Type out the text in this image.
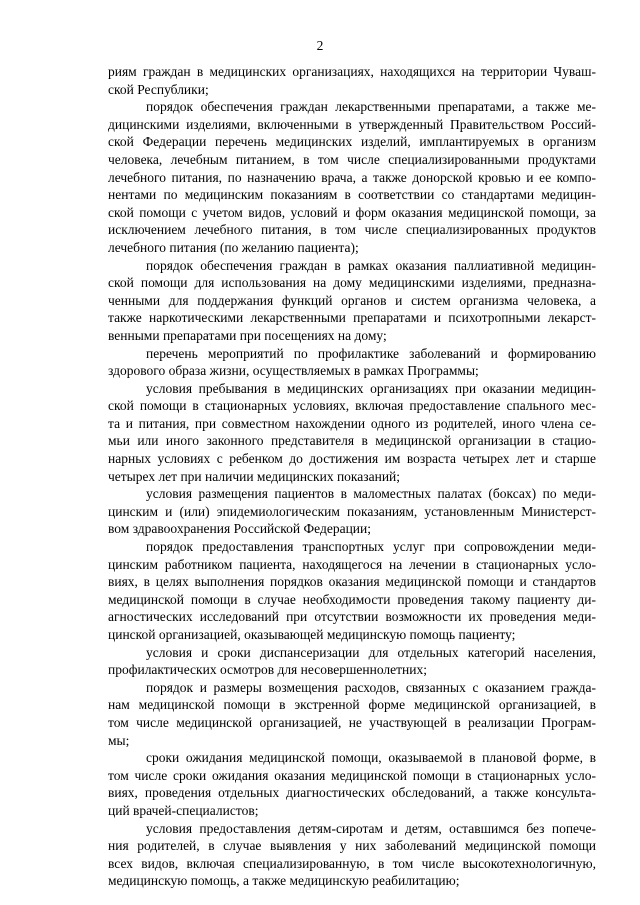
2
риям граждан в медицинских организациях, находящихся на территории Чуваш-
ской Республики;
порядок обеспечения граждан лекарственными препаратами, а также ме-
дицинскими изделиями, включенными в утвержденный Правительством Россий-
ской Федерации перечень медицинских изделий, имплантируемых в организм
человека, лечебным питанием, в том числе специализированными продуктами
лечебного питания, по назначению врача, а также донорской кровью и ее компо-
нентами по медицинским показаниям в соответствии со стандартами медицин-
ской помощи с учетом видов, условий и форм оказания медицинской помощи, за
исключением лечебного питания, в том числе специализированных продуктов
лечебного питания (по желанию пациента);
порядок обеспечения граждан в рамках оказания паллиативной медицин-
ской помощи для использования на дому медицинскими изделиями, предназна-
ченными для поддержания функций органов и систем организма человека, а
также наркотическими лекарственными препаратами и психотропными лекарст-
венными препаратами при посещениях на дому;
перечень мероприятий по профилактике заболеваний и формированию
здорового образа жизни, осуществляемых в рамках Программы;
условия пребывания в медицинских организациях при оказании медицин-
ской помощи в стационарных условиях, включая предоставление спального мес-
та и питания, при совместном нахождении одного из родителей, иного члена се-
мьи или иного законного представителя в медицинской организации в стацио-
нарных условиях с ребенком до достижения им возраста четырех лет и старше
четырех лет при наличии медицинских показаний;
условия размещения пациентов в маломестных палатах (боксах) по меди-
цинским и (или) эпидемиологическим показаниям, установленным Министерст-
вом здравоохранения Российской Федерации;
порядок предоставления транспортных услуг при сопровождении меди-
цинским работником пациента, находящегося на лечении в стационарных усло-
виях, в целях выполнения порядков оказания медицинской помощи и стандартов
медицинской помощи в случае необходимости проведения такому пациенту ди-
агностических исследований при отсутствии возможности их проведения меди-
цинской организацией, оказывающей медицинскую помощь пациенту;
условия и сроки диспансеризации для отдельных категорий населения,
профилактических осмотров для несовершеннолетних;
порядок и размеры возмещения расходов, связанных с оказанием гражда-
нам медицинской помощи в экстренной форме медицинской организацией, в
том числе медицинской организацией, не участвующей в реализации Програм-
мы;
сроки ожидания медицинской помощи, оказываемой в плановой форме, в
том числе сроки ожидания оказания медицинской помощи в стационарных усло-
виях, проведения отдельных диагностических обследований, а также консульта-
ций врачей-специалистов;
условия предоставления детям-сиротам и детям, оставшимся без попече-
ния родителей, в случае выявления у них заболеваний медицинской помощи
всех видов, включая специализированную, в том числе высокотехнологичную,
медицинскую помощь, а также медицинскую реабилитацию;
